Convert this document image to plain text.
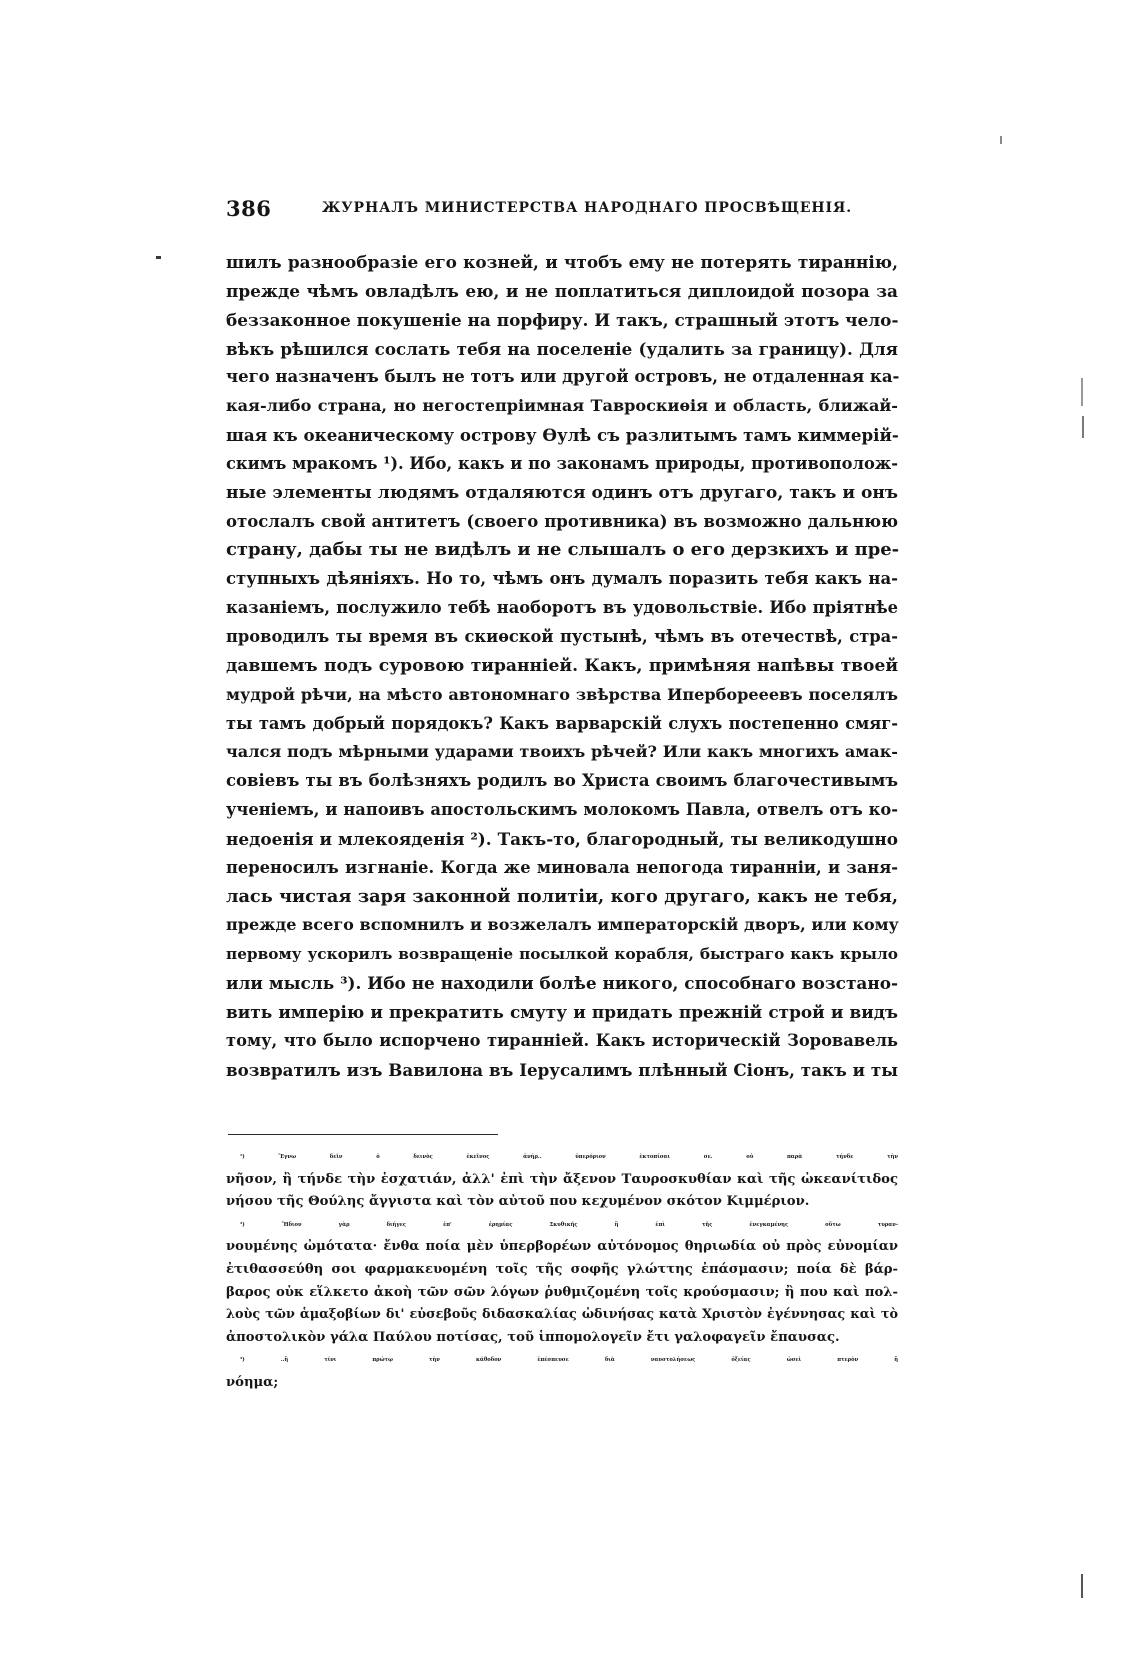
386	ЖУРНАЛЪ МИНИСТЕРСТВА НАРОДНАГО ПРОСВѢЩЕНІЯ.
шилъ разнообразіе его козней, и чтобъ ему не потерять тираннію,
прежде чѣмъ овладѣлъ ею, и не поплатиться диплоидой позора за
беззаконное покушеніе на порфиру. И такъ, страшный этотъ чело-
вѣкъ рѣшился сослать тебя на поселеніе (удалить за границу). Для
чего назначенъ былъ не тотъ или другой островъ, не отдаленная ка-
кая-либо страна, но негостепріимная Тавроскиѳія и область, ближай-
шая къ океаническому острову Ѳулѣ съ разлитымъ тамъ киммерій-
скимъ мракомъ ¹). Ибо, какъ и по законамъ природы, противополож-
ные элементы людямъ отдаляются одинъ отъ другаго, такъ и онъ
отослалъ свой антитетъ (своего противника) въ возможно дальнюю
страну, дабы ты не видѣлъ и не слышалъ о его дерзкихъ и пре-
ступныхъ дѣяніяхъ. Но то, чѣмъ онъ думалъ поразить тебя какъ на-
казаніемъ, послужило тебѣ наоборотъ въ удовольствіе. Ибо пріятнѣе
проводилъ ты время въ скиѳской пустынѣ, чѣмъ въ отечествѣ, стра-
давшемъ подъ суровою тиранніей. Какъ, примѣняя напѣвы твоей
мудрой рѣчи, на мѣсто автономнаго звѣрства Иперборееевъ поселялъ
ты тамъ добрый порядокъ? Какъ варварскій слухъ постепенно смяг-
чался подъ мѣрными ударами твоихъ рѣчей? Или какъ многихъ амак-
совіевъ ты въ болѣзняхъ родилъ во Христа своимъ благочестивымъ
ученіемъ, и напоивъ апостольскимъ молокомъ Павла, отвелъ отъ ко-
недоенія и млекояденія ²). Такъ-то, благородный, ты великодушно
переносилъ изгнаніе. Когда же миновала непогода тиранніи, и заня-
лась чистая заря законной политіи, кого другаго, какъ не тебя,
прежде всего вспомнилъ и возжелалъ императорскій дворъ, или кому
первому ускорилъ возвращеніе посылкой корабля, быстраго какъ крыло
или мысль ³). Ибо не находили болѣе никого, способнаго возстано-
вить имперію и прекратить смуту и придать прежній строй и видъ
тому, что было испорчено тиранніей. Какъ историческій Зоровавель
возвратилъ изъ Вавилона въ Іерусалимъ плѣнный Сіонъ, такъ и ты
¹) Ἔγνω δεῖν ὁ δεινὸς ἐκεῖνος ἀνήρ.. ὑπερόριον ἐκτοπίσαι σε. οὐ παρὰ τήνδε τὴν
νῆσον, ἢ τήνδε τὴν ἐσχατιάν, ἀλλ' ἐπὶ τὴν ἄξενον Ταυροσκυθίαν καὶ τῆς ὠκεανίτιδος
νήσου τῆς Θούλης ἄγγιστα καὶ τὸν αὐτοῦ που κεχυμένον σκότον Κιμμέριον.
²) Ἥδιον γὰρ διήγες ἐπ' ἐρημίας Σκυθικῆς ἢ ἐπὶ τῆς ἐνεγκαμένης οὕτω τυραν-
νουμένης ὠμότατα· ἔνθα ποία μὲν ὑπερβορέων αὐτόνομος θηριωδία οὐ πρὸς εὐνομίαν
ἐτιθασσεύθη σοι φαρμακευομένη τοῖς τῆς σοφῆς γλώττης ἐπάσμασιν; ποία δὲ βάρ-
βαρος οὐκ εἵλκετο ἀκοὴ τῶν σῶν λόγων ῥυθμιζομένη τοῖς κρούσμασιν; ἢ που καὶ πολ-
λοὺς τῶν ἁμαξοβίων δι' εὐσεβοῦς διδασκαλίας ὠδινήσας κατὰ Χριστὸν ἐγέννησας καὶ τὸ
ἀποστολικὸν γάλα Παύλου ποτίσας, τοῦ ἱππομολογεῖν ἔτι γαλοφαγεῖν ἔπαυσας.
³) ..ἢ τίνι πρώτῳ τὴν κάθοδον ἐπέσπευσε διὰ ναυστολήσεως ὀξείας ὡσεὶ πτερὸν ἢ
νόημα;
